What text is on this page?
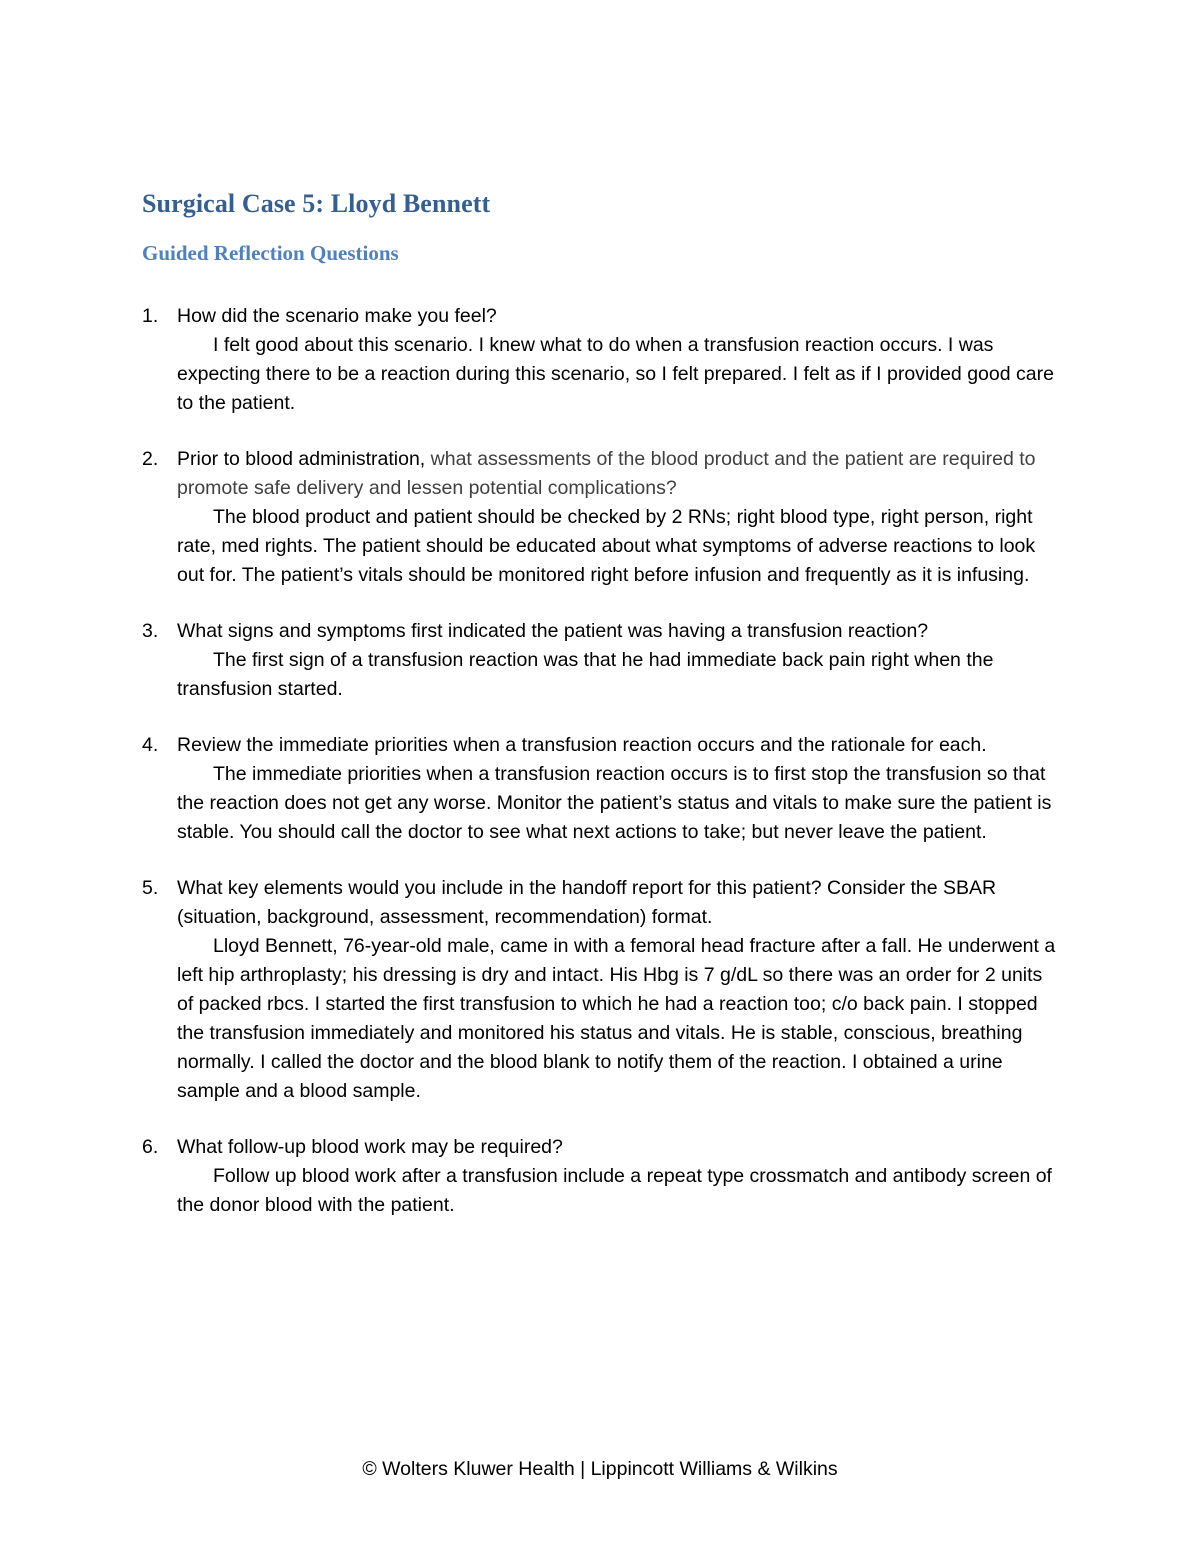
Surgical Case 5: Lloyd Bennett
Guided Reflection Questions
1. How did the scenario make you feel?
I felt good about this scenario. I knew what to do when a transfusion reaction occurs. I was expecting there to be a reaction during this scenario, so I felt prepared. I felt as if I provided good care to the patient.
2. Prior to blood administration, what assessments of the blood product and the patient are required to promote safe delivery and lessen potential complications?
The blood product and patient should be checked by 2 RNs; right blood type, right person, right rate, med rights. The patient should be educated about what symptoms of adverse reactions to look out for. The patient’s vitals should be monitored right before infusion and frequently as it is infusing.
3. What signs and symptoms first indicated the patient was having a transfusion reaction?
The first sign of a transfusion reaction was that he had immediate back pain right when the transfusion started.
4. Review the immediate priorities when a transfusion reaction occurs and the rationale for each.
The immediate priorities when a transfusion reaction occurs is to first stop the transfusion so that the reaction does not get any worse. Monitor the patient’s status and vitals to make sure the patient is stable. You should call the doctor to see what next actions to take; but never leave the patient.
5. What key elements would you include in the handoff report for this patient? Consider the SBAR (situation, background, assessment, recommendation) format.
Lloyd Bennett, 76-year-old male, came in with a femoral head fracture after a fall. He underwent a left hip arthroplasty; his dressing is dry and intact. His Hbg is 7 g/dL so there was an order for 2 units of packed rbcs. I started the first transfusion to which he had a reaction too; c/o back pain. I stopped the transfusion immediately and monitored his status and vitals. He is stable, conscious, breathing normally. I called the doctor and the blood blank to notify them of the reaction. I obtained a urine sample and a blood sample.
6. What follow-up blood work may be required?
Follow up blood work after a transfusion include a repeat type crossmatch and antibody screen of the donor blood with the patient.
© Wolters Kluwer Health | Lippincott Williams & Wilkins
